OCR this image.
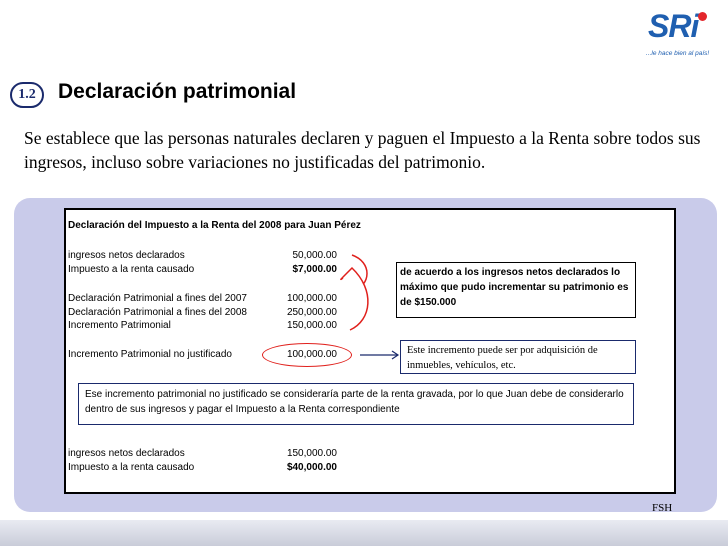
SRi
...le hace bien al país!
1.2	Declaración patrimonial

Se establece que las personas naturales declaren y paguen el Impuesto a la Renta sobre todos sus ingresos, incluso sobre variaciones no justificadas del patrimonio.

Declaración del Impuesto a la Renta del 2008 para Juan Pérez
ingresos netos declarados	50,000.00
Impuesto a la renta causado	$7,000.00
Declaración Patrimonial a fines del 2007	100,000.00
Declaración Patrimonial a fines del 2008	250,000.00
Incremento Patrimonial	150,000.00
Incremento Patrimonial no justificado	100,000.00
ingresos netos declarados	150,000.00
Impuesto a la renta causado	$40,000.00
de acuerdo a los ingresos netos declarados lo máximo que pudo incrementar su patrimonio es de $150.000
Este incremento puede ser por adquisición de inmuebles, vehículos, etc.
Ese incremento patrimonial no justificado se consideraría parte de la renta gravada, por lo que Juan debe de considerarlo dentro de sus ingresos y pagar el Impuesto a la Renta correspondiente
FSH
